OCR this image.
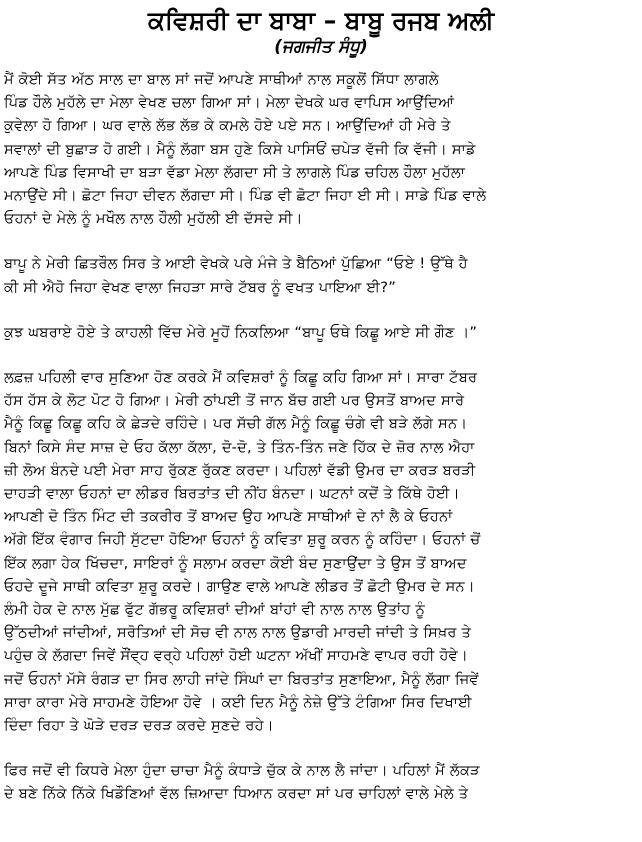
ਕਵਿਸ਼ਰੀ ਦਾ ਬਾਬਾ – ਬਾਬੂ ਰਜਬ ਅਲੀ
(ਜਗਜੀਤ ਸੰਧੂ)
ਮੈਂ ਕੋਈ ਸੱਤ ਅੱਠ ਸਾਲ ਦਾ ਬਾਲ ਸਾਂ ਜਦੋਂ ਆਪਣੇ ਸਾਥੀਆਂ ਨਾਲ ਸਕੂਲੋਂ ਸਿੱਧਾ ਲਾਗਲੇ
ਪਿੰਡ ਹੌਲੇ ਮੁਹੱਲੇ ਦਾ ਮੇਲਾ ਵੇਖਣ ਚਲਾ ਗਿਆ ਸਾਂ। ਮੇਲਾ ਦੇਖਕੇ ਘਰ ਵਾਪਿਸ ਆਉਂਦਿਆਂ
ਕੁਵੇਲਾ ਹੋ ਗਿਆ। ਘਰ ਵਾਲੇ ਲੱਭ ਲੱਭ ਕੇ ਕਮਲੇ ਹੋਏ ਪਏ ਸਨ। ਆਉਂਦਿਆਂ ਹੀ ਮੇਰੇ ਤੇ
ਸਵਾਲਾਂ ਦੀ ਬੁਛਾੜ ਹੋ ਗਈ। ਮੈਨੂੰ ਲੱਗਾ ਬਸ ਹੁਣੇ ਕਿਸੇ ਪਾਸਿਓਂ ਚਪੇੜ ਵੱਜੀ ਕਿ ਵੱਜੀ। ਸਾਡੇ
ਆਪਣੇ ਪਿੰਡ ਵਿਸਾਖੀ ਦਾ ਬੜਾ ਵੱਡਾ ਮੇਲਾ ਲੱਗਦਾ ਸੀ ਤੇ ਲਾਗਲੇ ਪਿੰਡ ਚਹਿਲ ਹੌਲਾ ਮੁਹੱਲਾ
ਮਨਾਉਂਦੇ ਸੀ। ਛੋਟਾ ਜਿਹਾ ਦੀਵਨ ਲੱਗਦਾ ਸੀ। ਪਿੰਡ ਵੀ ਛੋਟਾ ਜਿਹਾ ਈ ਸੀ। ਸਾਡੇ ਪਿੰਡ ਵਾਲੇ
ਓਹਨਾਂ ਦੇ ਮੇਲੇ ਨੂੰ ਮਖੌਲ ਨਾਲ ਹੌਲੀ ਮੁਹੱਲੀ ਈ ਦੱਸਦੇ ਸੀ।
ਬਾਪੂ ਨੇ ਮੇਰੀ ਛਿਤਰੌਲ ਸਿਰ ਤੇ ਆਈ ਵੇਖਕੇ ਪਰੇ ਮੰਜੇ ਤੇ ਬੈਠਿਆਂ ਪੁੱਛਿਆ “ਓਏ ! ਉੱਥੇ ਹੈ
ਕੀ ਸੀ ਐਹੋ ਜਿਹਾ ਵੇਖਣ ਵਾਲਾ ਜਿਹੜਾ ਸਾਰੇ ਟੱਬਰ ਨੂੰ ਵਖਤ ਪਾਇਆ ਈ?”
ਕੁਝ ਘਬਰਾਏ ਹੋਏ ਤੇ ਕਾਹਲੀ ਵਿੱਚ ਮੇਰੇ ਮੂਹੋਂ ਨਿਕਲਿਆ “ਬਾਪੂ ਓਥੇ ਕਿਛੂ ਆਏ ਸੀ ਗੌਣ ।”
ਲਫ਼ਜ਼ ਪਹਿਲੀ ਵਾਰ ਸੁਣਿਆ ਹੋਣ ਕਰਕੇ ਮੈਂ ਕਵਿਸ਼ਰਾਂ ਨੂੰ ਕਿਛੂ ਕਹਿ ਗਿਆ ਸਾਂ। ਸਾਰਾ ਟੱਬਰ
ਹੱਸ ਹੱਸ ਕੇ ਲੋਟ ਪੋਟ ਹੋ ਗਿਆ। ਮੇਰੀ ਠਾਂਪਈ ਤੋਂ ਜਾਨ ਬੱਚ ਗਈ ਪਰ ਉਸਤੋਂ ਬਾਅਦ ਸਾਰੇ
ਮੈਨੂੰ ਕਿਛੂ ਕਿਛੂ ਕਹਿ ਕੇ ਛੇੜਦੇ ਰਹਿੰਦੇ। ਪਰ ਸੱਚੀ ਗੱਲ ਮੈਨੂੰ ਕਿਛੂ ਚੰਗੇ ਵੀ ਬੜੇ ਲੱਗੇ ਸਨ।
ਬਿਨਾਂ ਕਿਸੇ ਸੰਦ ਸਾਜ਼ ਦੇ ਓਹ ਕੱਲਾ ਕੱਲਾ, ਦੋ-ਦੋ, ਤੇ ਤਿੰਨ-ਤਿੰਨ ਜਣੇ ਹਿੱਕ ਦੇ ਜ਼ੋਰ ਨਾਲ ਐਹਾ
ਜ਼ੀ ਲੋਅ ਬੰਨਦੇ ਪਈ ਮੇਰਾ ਸਾਹ ਰੁੱਕਣ ਰੁੱਕਣ ਕਰਦਾ। ਪਹਿਲਾਂ ਵੱਡੀ ਉਮਰ ਦਾ ਕਰੜ ਬਰੜੀ
ਦਾਹੜੀ ਵਾਲਾ ਓਹਨਾਂ ਦਾ ਲੀਡਰ ਬਿਰਤਾਂਤ ਦੀ ਨੀਂਹ ਬੰਨਦਾ। ਘਟਨਾਂ ਕਦੋਂ ਤੇ ਕਿੱਥੇ ਹੋਈ।
ਆਪਣੀ ਦੋ ਤਿੰਨ ਮਿੰਟ ਦੀ ਤਕਰੀਰ ਤੋਂ ਬਾਅਦ ਉਹ ਆਪਣੇ ਸਾਥੀਆਂ ਦੇ ਨਾਂ ਲੈ ਕੇ ਓਹਨਾਂ
ਅੱਗੇ ਇੱਕ ਵੰਗਾਰ ਜਿਹੀ ਸੁੱਟਦਾ ਹੋਇਆ ਓਹਨਾਂ ਨੂੰ ਕਵਿਤਾ ਸ਼ੁਰੂ ਕਰਨ ਨੂੰ ਕਹਿੰਦਾ। ਓਹਨਾਂ ਚੋਂ
ਇੱਕ ਲਗਾ ਹੇਕ ਖਿੱਚਦਾ, ਸਾਇਰਾਂ ਨੂੰ ਸਲਾਮ ਕਰਦਾ ਕੋਈ ਬੰਦ ਸੁਣਾਉਂਦਾ ਤੇ ਉਸ ਤੋਂ ਬਾਅਦ
ਓਹਦੇ ਦੂਜੇ ਸਾਥੀ ਕਵਿਤਾ ਸ਼ੁਰੂ ਕਰਦੇ। ਗਾਉਣ ਵਾਲੇ ਆਪਣੇ ਲੀਡਰ ਤੋਂ ਛੋਟੀ ਉਮਰ ਦੇ ਸਨ।
ਲੰਮੀ ਹੇਕ ਦੇ ਨਾਲ ਮੁੱਛ ਫੁੱਟ ਗੱਭਰੂ ਕਵਿਸ਼ਰਾਂ ਦੀਆਂ ਬਾਂਹਾਂ ਵੀ ਨਾਲ ਨਾਲ ਉਤਾਂਹ ਨੂੰ
ਉੱਠਦੀਆਂ ਜਾਂਦੀਆਂ, ਸਰੋਤਿਆਂ ਦੀ ਸੋਚ ਵੀ ਨਾਲ ਨਾਲ ਉਡਾਰੀ ਮਾਰਦੀ ਜਾਂਦੀ ਤੇ ਸਿਖ਼ਰ ਤੇ
ਪਹੁੰਚ ਕੇ ਲੱਗਦਾ ਜਿਵੇਂ ਸੌਂਵ੍ਹ ਵਰ੍ਹੇ ਪਹਿਲਾਂ ਹੋਈ ਘਟਨਾ ਅੱਖੀਂ ਸਾਹਮਣੇ ਵਾਪਰ ਰਹੀ ਹੋਵੇ।
ਜਦੋਂ ਓਹਨਾਂ ਮੱਸੇ ਰੰਗੜ ਦਾ ਸਿਰ ਲਾਹੀ ਜਾਂਦੇ ਸਿੰਘਾਂ ਦਾ ਬਿਰਤਾਂਤ ਸੁਣਾਇਆ, ਮੈਨੂੰ ਲੱਗਾ ਜਿਵੇਂ
ਸਾਰਾ ਕਾਰਾ ਮੇਰੇ ਸਾਹਮਣੇ ਹੋਇਆ ਹੋਵੇ । ਕਈ ਦਿਨ ਮੈਨੂੰ ਨੇਜ਼ੇ ਉੱਤੇ ਟੰਗਿਆ ਸਿਰ ਦਿਖਾਈ
ਦਿੰਦਾ ਰਿਹਾ ਤੇ ਘੋੜੇ ਦਰੜ ਦਰੜ ਕਰਦੇ ਸੁਣਦੇ ਰਹੇ।
ਫਿਰ ਜਦੋਂ ਵੀ ਕਿਧਰੇ ਮੇਲਾ ਹੁੰਦਾ ਚਾਚਾ ਮੈਨੂੰ ਕੰਧਾੜੇ ਚੁੱਕ ਕੇ ਨਾਲ ਲੈ ਜਾਂਦਾ। ਪਹਿਲਾਂ ਮੈਂ ਲੱਕੜ
ਦੇ ਬਣੇ ਨਿੱਕੇ ਨਿੱਕੇ ਖਿਡੌਣਿਆਂ ਵੱਲ ਜ਼ਿਆਦਾ ਧਿਆਨ ਕਰਦਾ ਸਾਂ ਪਰ ਚਾਹਿਲਾਂ ਵਾਲੇ ਮੇਲੇ ਤੇ
